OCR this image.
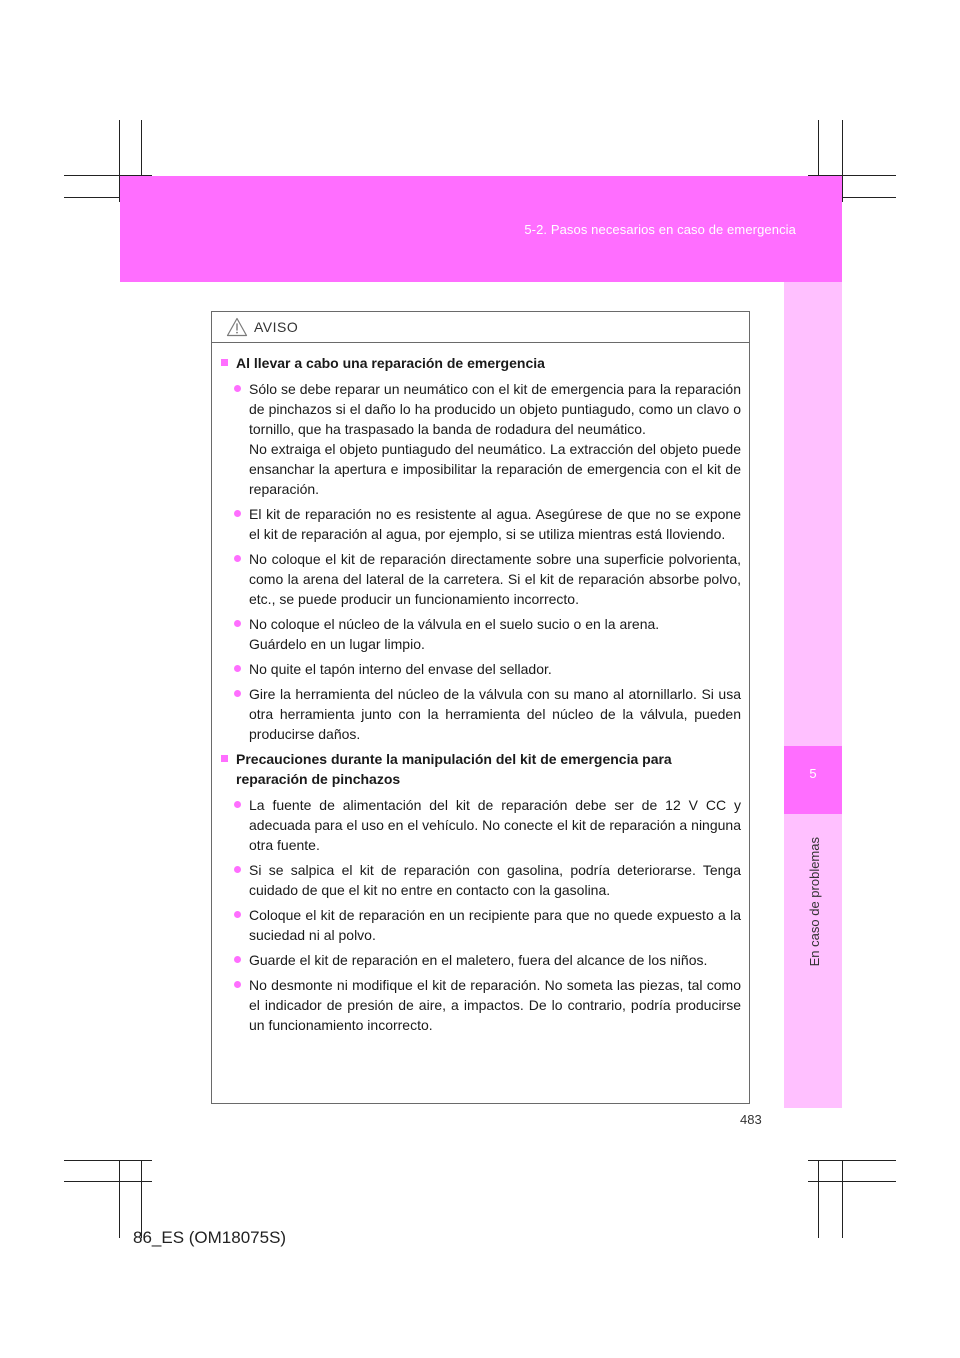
5-2. Pasos necesarios en caso de emergencia
5
En caso de problemas
AVISO
Al llevar a cabo una reparación de emergencia

Sólo se debe reparar un neumático con el kit de emergencia para la reparación de pinchazos si el daño lo ha producido un objeto puntiagudo, como un clavo o tornillo, que ha traspasado la banda de rodadura del neumático.

No extraiga el objeto puntiagudo del neumático. La extracción del objeto puede ensanchar la apertura e imposibilitar la reparación de emergencia con el kit de reparación.

El kit de reparación no es resistente al agua. Asegúrese de que no se expone el kit de reparación al agua, por ejemplo, si se utiliza mientras está lloviendo.

No coloque el kit de reparación directamente sobre una superficie polvorienta, como la arena del lateral de la carretera. Si el kit de reparación absorbe polvo, etc., se puede producir un funcionamiento incorrecto.

No coloque el núcleo de la válvula en el suelo sucio o en la arena.

Guárdelo en un lugar limpio.

No quite el tapón interno del envase del sellador.

Gire la herramienta del núcleo de la válvula con su mano al atornillarlo. Si usa otra herramienta junto con la herramienta del núcleo de la válvula, pueden producirse daños.

Precauciones durante la manipulación del kit de emergencia para reparación de pinchazos

La fuente de alimentación del kit de reparación debe ser de 12 V CC y adecuada para el uso en el vehículo. No conecte el kit de reparación a ninguna otra fuente.

Si se salpica el kit de reparación con gasolina, podría deteriorarse. Tenga cuidado de que el kit no entre en contacto con la gasolina.

Coloque el kit de reparación en un recipiente para que no quede expuesto a la suciedad ni al polvo.

Guarde el kit de reparación en el maletero, fuera del alcance de los niños.

No desmonte ni modifique el kit de reparación. No someta las piezas, tal como el indicador de presión de aire, a impactos. De lo contrario, podría producirse un funcionamiento incorrecto.

483
86_ES (OM18075S)
